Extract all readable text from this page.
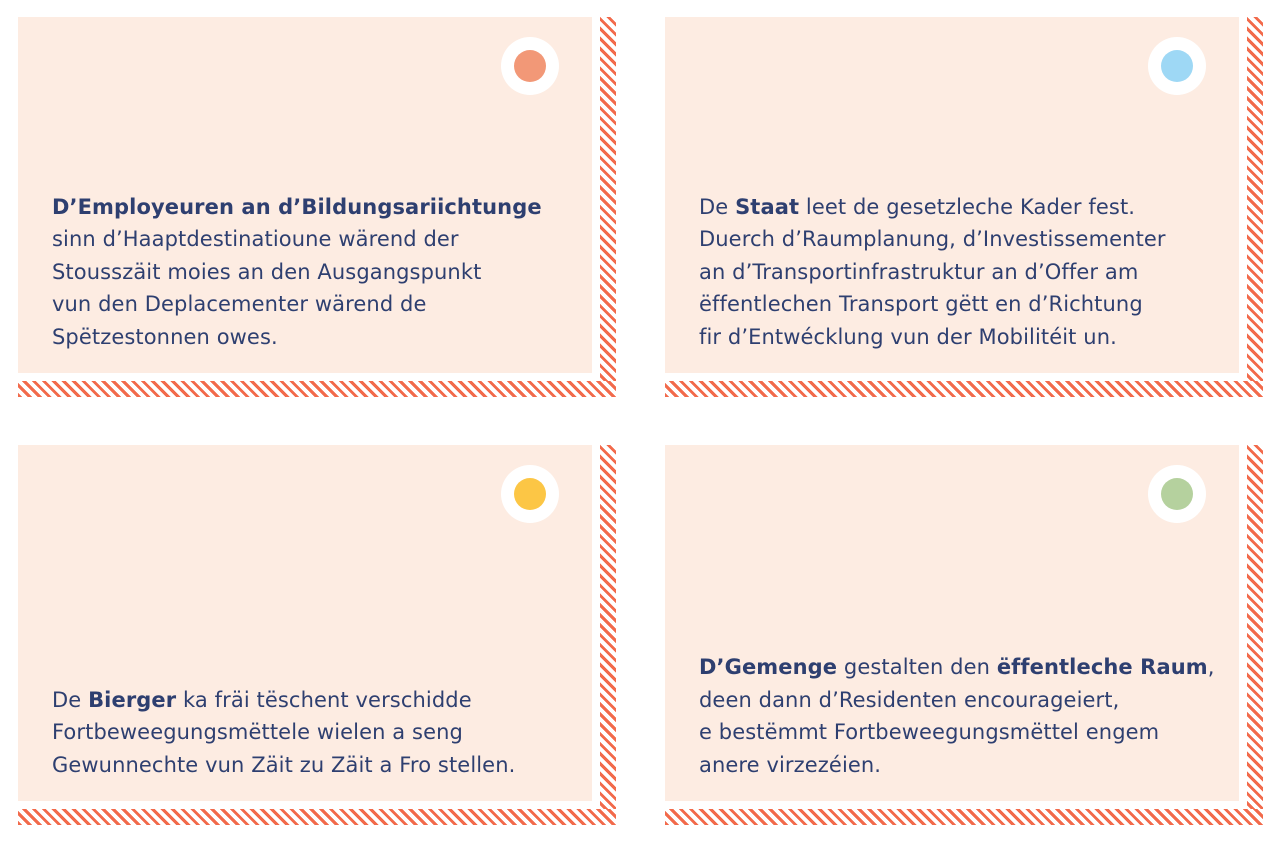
D’Employeuren an d’Bildungsariichtunge
sinn d’Haaptdestinatioune wärend der
Stousszäit moies an den Ausgangspunkt
vun den Deplacementer wärend de
Spëtzestonnen owes.

De Staat leet de gesetzleche Kader fest.
Duerch d’Raumplanung, d’Investissementer
an d’Transportinfrastruktur an d’Offer am
ëffentlechen Transport gëtt en d’Richtung
fir d’Entwécklung vun der Mobilitéit un.

De Bierger ka fräi tëschent verschidde
Fortbeweegungsmëttele wielen a seng
Gewunnechte vun Zäit zu Zäit a Fro stellen.

D’Gemenge gestalten den ëffentleche Raum,
deen dann d’Residenten encourageiert,
e bestëmmt Fortbeweegungsmëttel engem
anere virzezéien.
